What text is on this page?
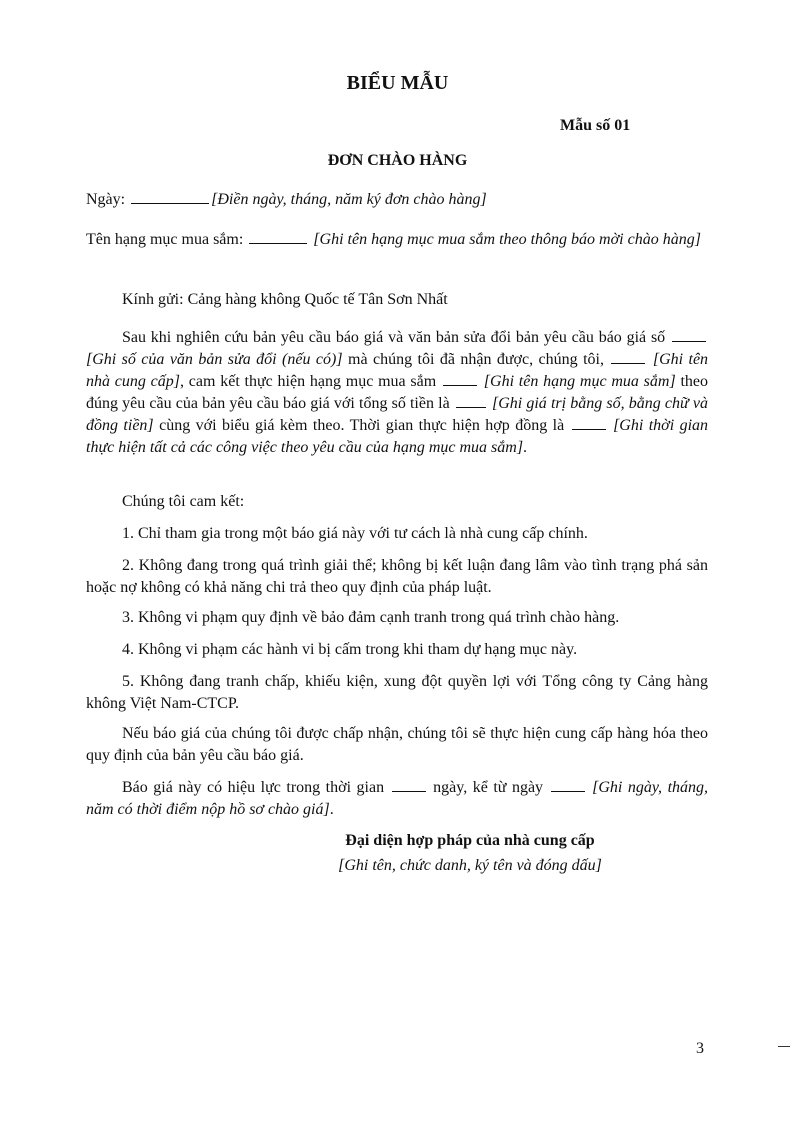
BIỂU MẪU
Mẫu số 01
ĐƠN CHÀO HÀNG
Ngày:	[Điền ngày, tháng, năm ký đơn chào hàng]
Tên hạng mục mua sắm:	[Ghi tên hạng mục mua sắm theo thông báo mời chào hàng]
Kính gửi: Cảng hàng không Quốc tế Tân Sơn Nhất
Sau khi nghiên cứu bản yêu cầu báo giá và văn bản sửa đổi bản yêu cầu báo giá số  [Ghi số của văn bản sửa đổi (nếu có)] mà chúng tôi đã nhận được, chúng tôi,	[Ghi tên nhà cung cấp], cam kết thực hiện hạng mục mua sắm	[Ghi tên hạng mục mua sắm] theo đúng yêu cầu của bản yêu cầu báo giá với tổng số tiền là	[Ghi giá trị bằng số, bằng chữ và đồng tiền] cùng với biểu giá kèm theo. Thời gian thực hiện hợp đồng là	[Ghi thời gian thực hiện tất cả các công việc theo yêu cầu của hạng mục mua sắm].
Chúng tôi cam kết:
1. Chỉ tham gia trong một báo giá này với tư cách là nhà cung cấp chính.
2. Không đang trong quá trình giải thể; không bị kết luận đang lâm vào tình trạng phá sản hoặc nợ không có khả năng chi trả theo quy định của pháp luật.
3. Không vi phạm quy định về bảo đảm cạnh tranh trong quá trình chào hàng.
4. Không vi phạm các hành vi bị cấm trong khi tham dự hạng mục này.
5. Không đang tranh chấp, khiếu kiện, xung đột quyền lợi với Tổng công ty Cảng hàng không Việt Nam-CTCP.
Nếu báo giá của chúng tôi được chấp nhận, chúng tôi sẽ thực hiện cung cấp hàng hóa theo quy định của bản yêu cầu báo giá.
Báo giá này có hiệu lực trong thời gian	ngày, kể từ ngày	[Ghi ngày, tháng, năm có thời điểm nộp hồ sơ chào giá].
Đại diện hợp pháp của nhà cung cấp
[Ghi tên, chức danh, ký tên và đóng dấu]
3
